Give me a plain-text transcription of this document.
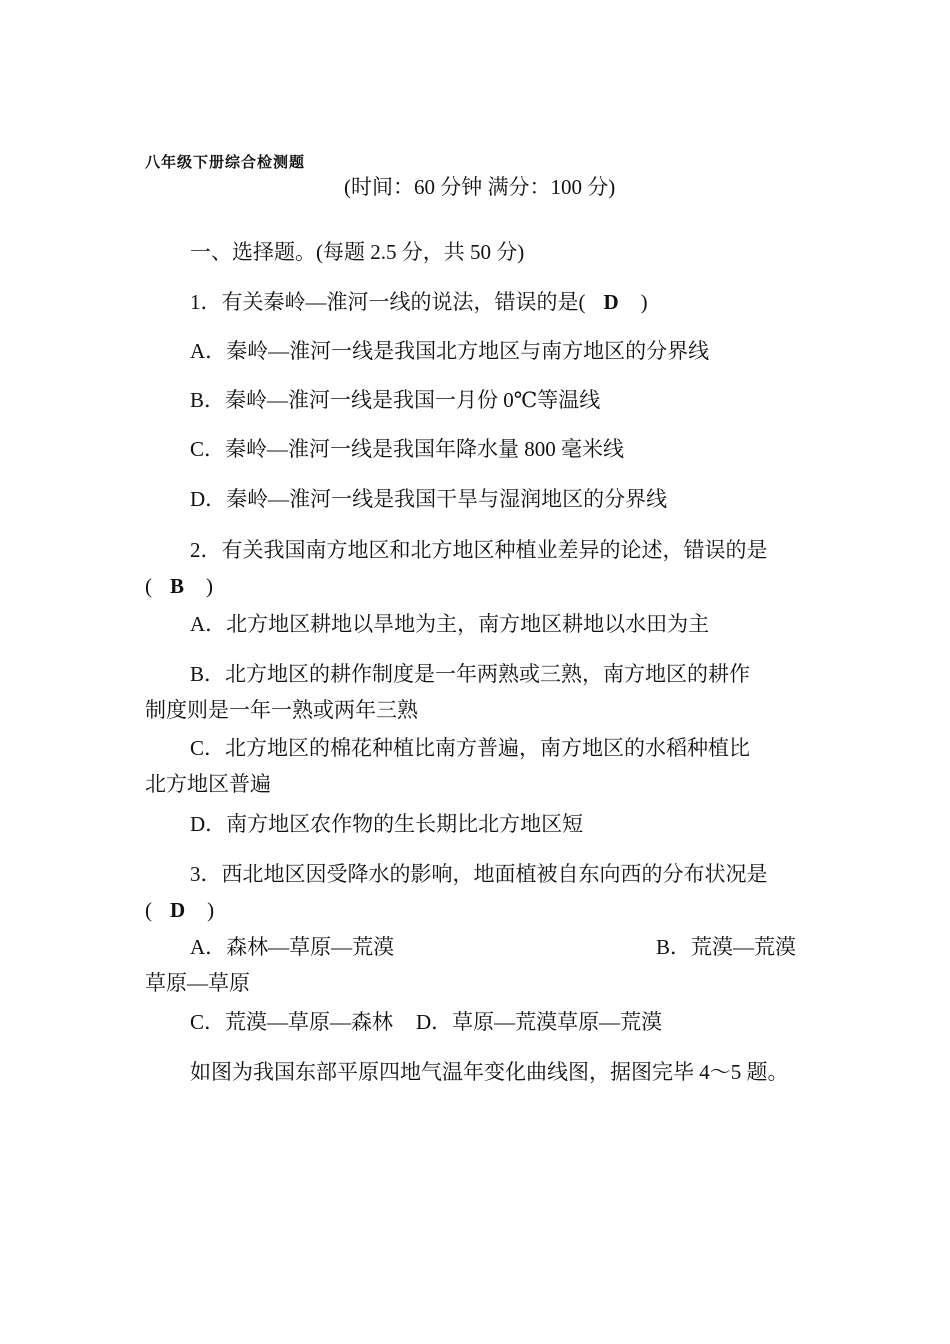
八年级下册综合检测题
(时间：60 分钟 满分：100 分)
一、选择题。(每题 2.5 分，共 50 分)
1．有关秦岭—淮河一线的说法，错误的是( D )
A．秦岭—淮河一线是我国北方地区与南方地区的分界线
B．秦岭—淮河一线是我国一月份 0℃等温线
C．秦岭—淮河一线是我国年降水量 800 毫米线
D．秦岭—淮河一线是我国干旱与湿润地区的分界线
2．有关我国南方地区和北方地区种植业差异的论述，错误的是
( B )
A．北方地区耕地以旱地为主，南方地区耕地以水田为主
B．北方地区的耕作制度是一年两熟或三熟，南方地区的耕作
制度则是一年一熟或两年三熟
C．北方地区的棉花种植比南方普遍，南方地区的水稻种植比
北方地区普遍
D．南方地区农作物的生长期比北方地区短
3．西北地区因受降水的影响，地面植被自东向西的分布状况是
( D )
A．森林—草原—荒漠	B．荒漠—荒漠
草原—草原
C．荒漠—草原—森林 D．草原—荒漠草原—荒漠
如图为我国东部平原四地气温年变化曲线图，据图完毕 4～5 题。
